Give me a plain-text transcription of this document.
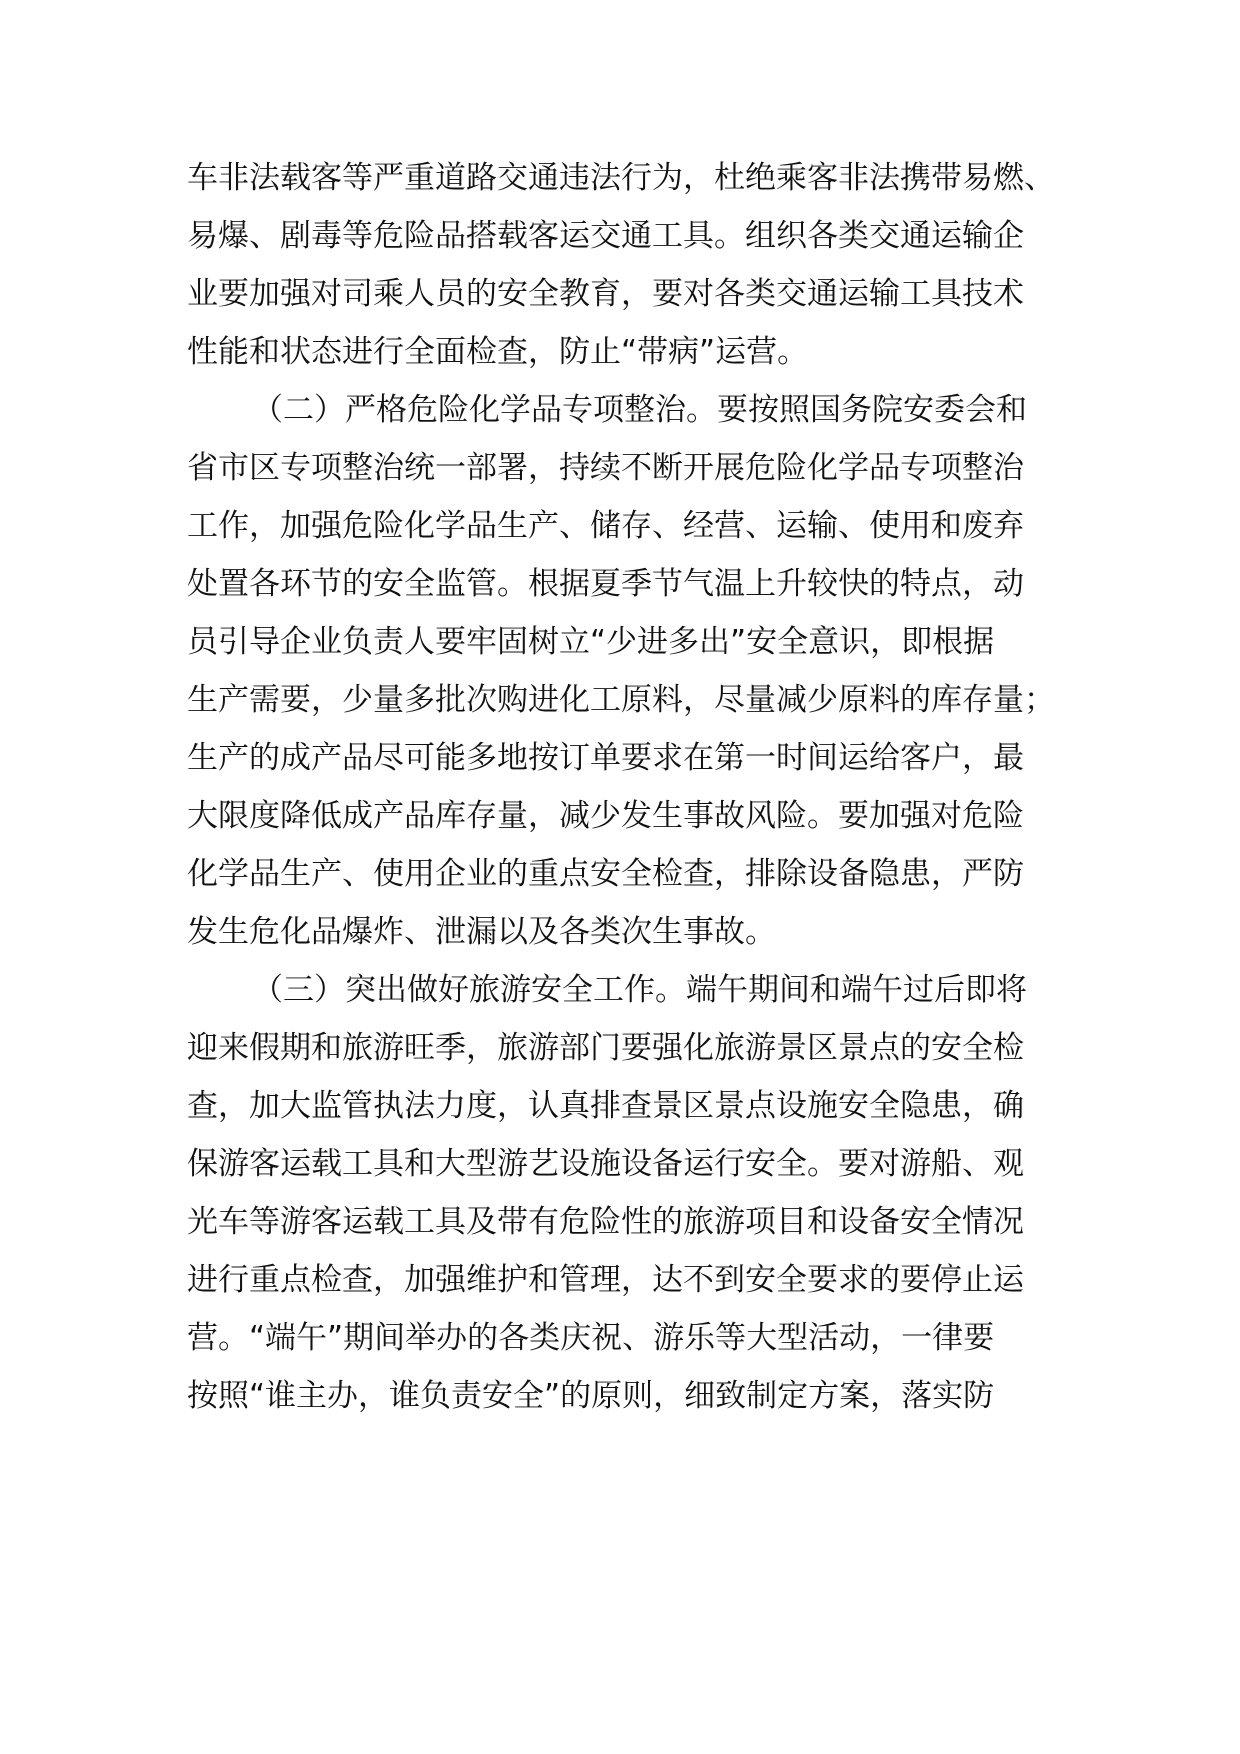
车非法载客等严重道路交通违法行为，杜绝乘客非法携带易燃、
易爆、剧毒等危险品搭载客运交通工具。组织各类交通运输企
业要加强对司乘人员的安全教育，要对各类交通运输工具技术
性能和状态进行全面检查，防止“带病”运营。
（二）严格危险化学品专项整治。要按照国务院安委会和
省市区专项整治统一部署，持续不断开展危险化学品专项整治
工作，加强危险化学品生产、储存、经营、运输、使用和废弃
处置各环节的安全监管。根据夏季节气温上升较快的特点，动
员引导企业负责人要牢固树立“少进多出”安全意识，即根据
生产需要，少量多批次购进化工原料，尽量减少原料的库存量；
生产的成产品尽可能多地按订单要求在第一时间运给客户，最
大限度降低成产品库存量，减少发生事故风险。要加强对危险
化学品生产、使用企业的重点安全检查，排除设备隐患，严防
发生危化品爆炸、泄漏以及各类次生事故。
（三）突出做好旅游安全工作。端午期间和端午过后即将
迎来假期和旅游旺季，旅游部门要强化旅游景区景点的安全检
查，加大监管执法力度，认真排查景区景点设施安全隐患，确
保游客运载工具和大型游艺设施设备运行安全。要对游船、观
光车等游客运载工具及带有危险性的旅游项目和设备安全情况
进行重点检查，加强维护和管理，达不到安全要求的要停止运
营。“端午”期间举办的各类庆祝、游乐等大型活动，一律要
按照“谁主办，谁负责安全”的原则，细致制定方案，落实防
